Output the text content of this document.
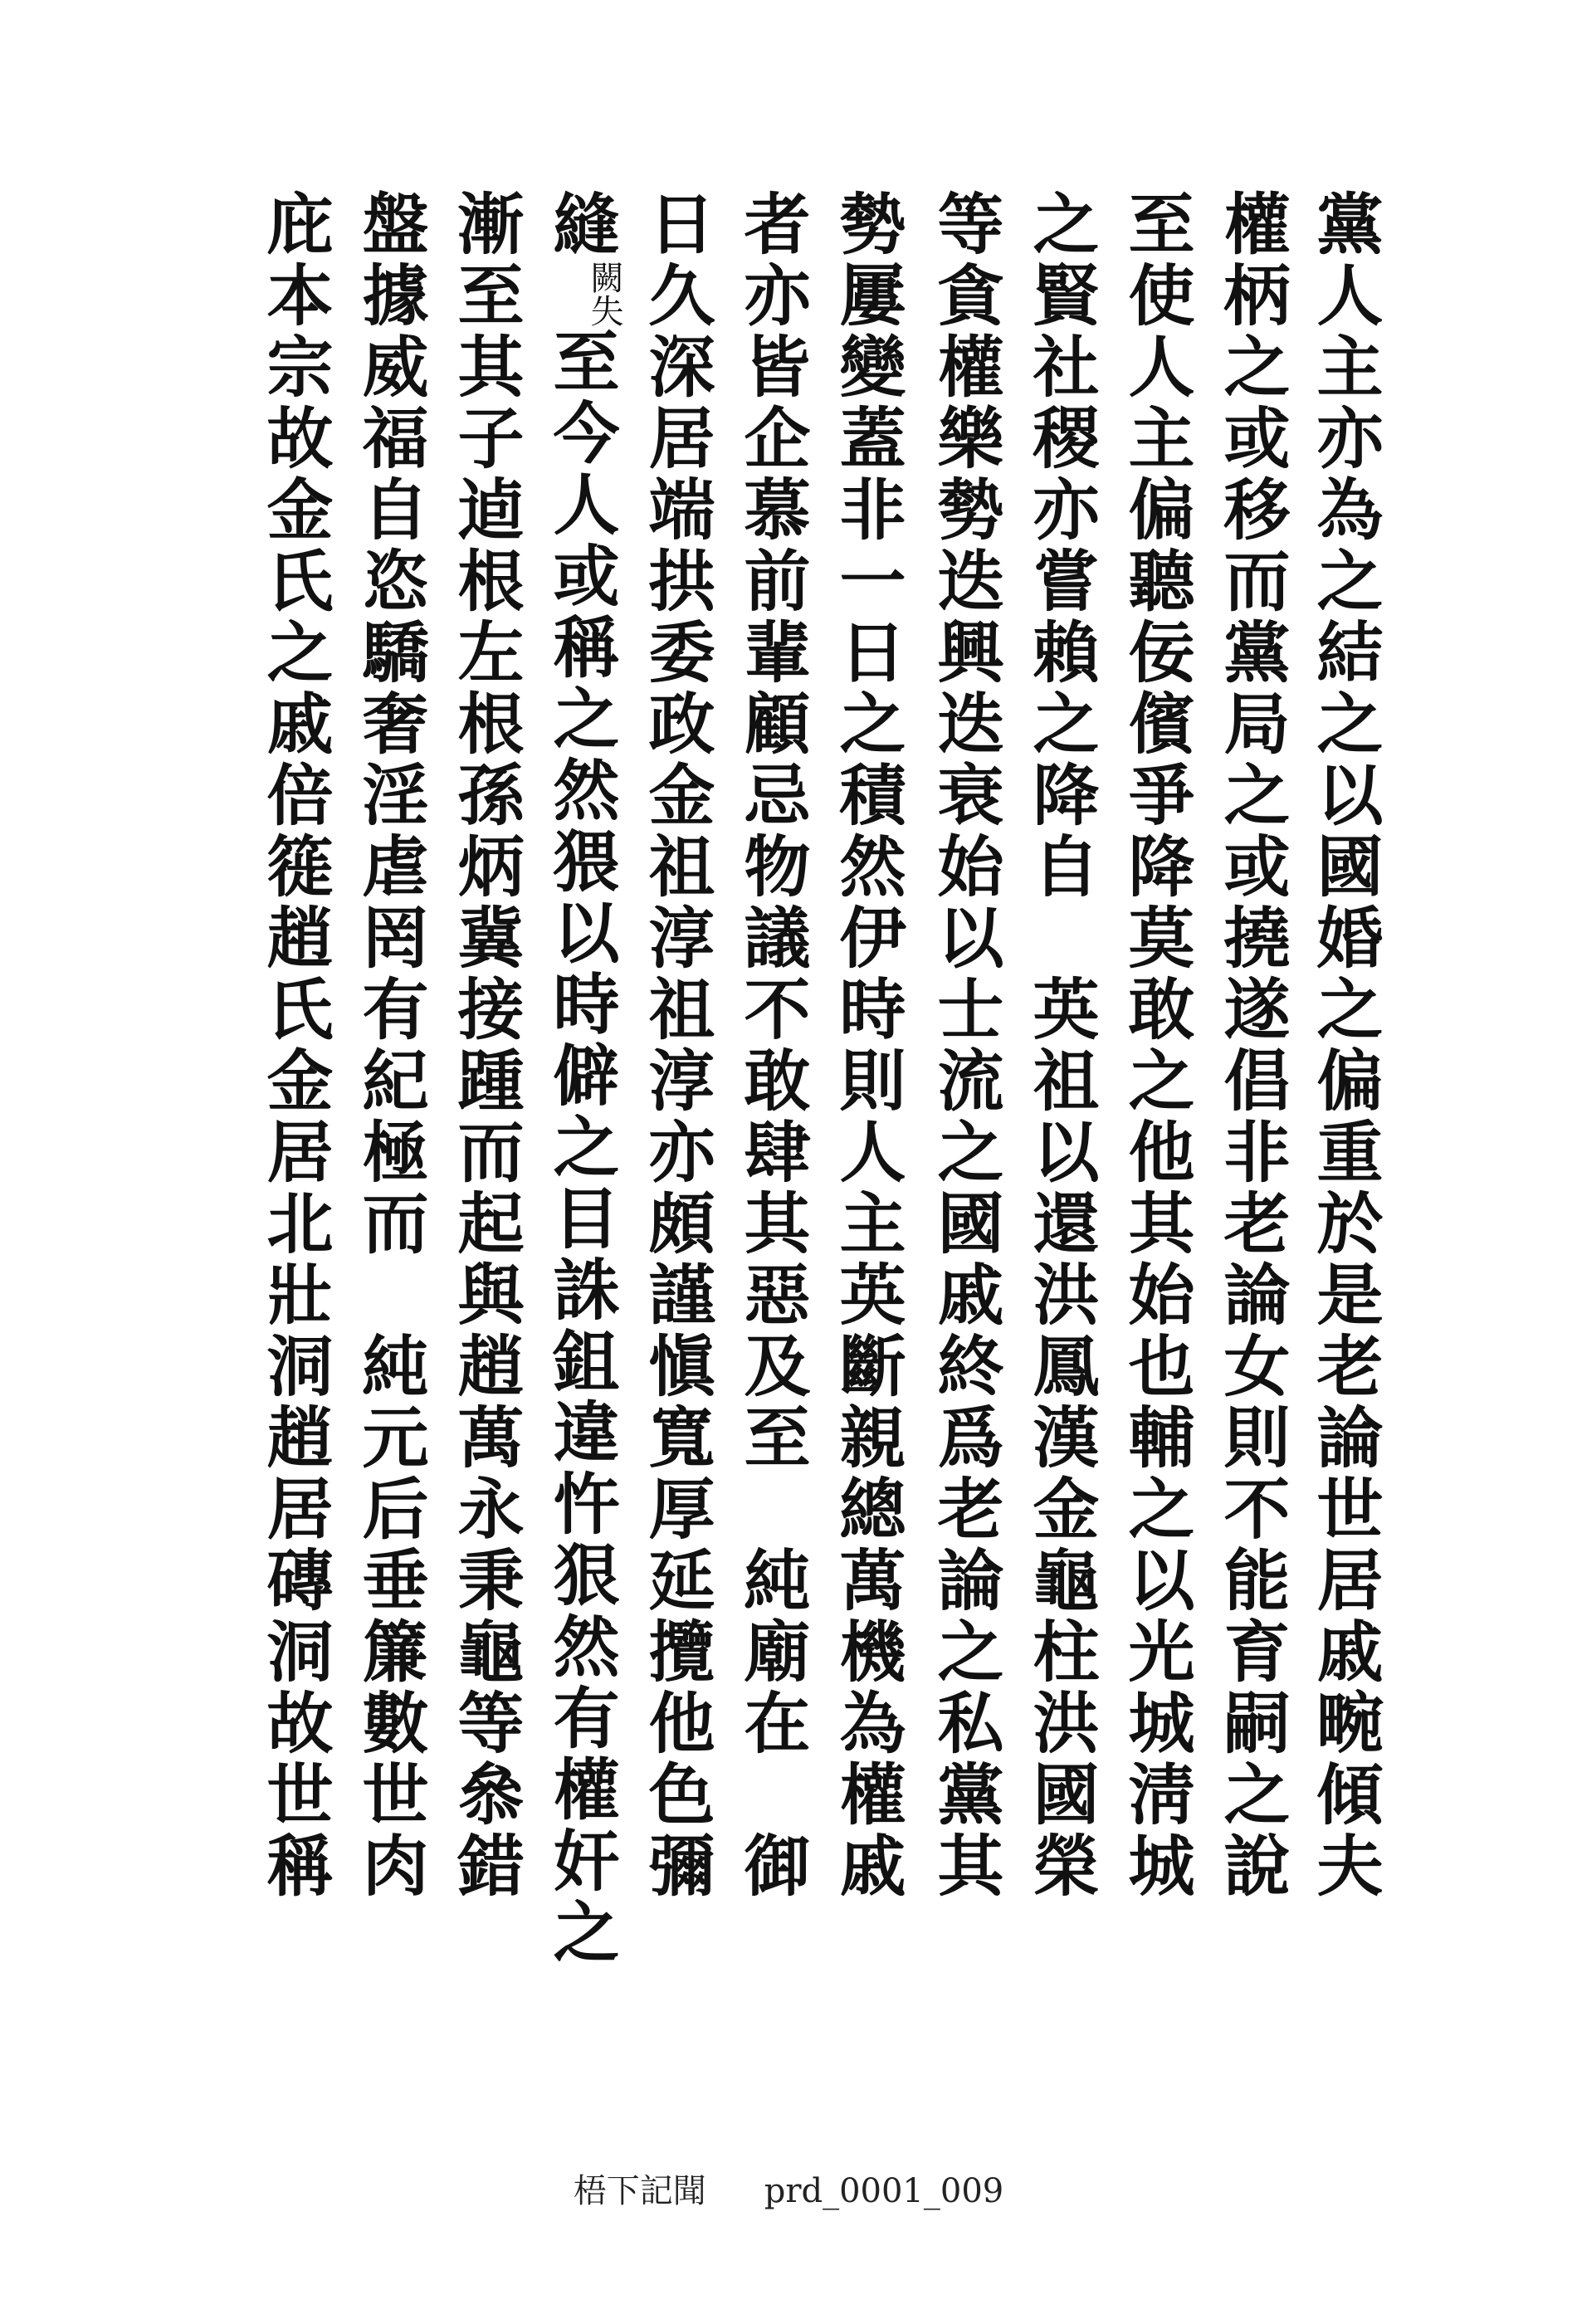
黨人主亦為之結之以國婚之偏重於是老論世居戚畹傾夫
權柄之或移而黨局之或撓遂倡非老論女則不能育嗣之說
至使人主偏聽佞儐爭降莫敢之他其始也輔之以光城淸城
之賢社稷亦嘗賴之降自　英祖以還洪鳳漢金龜柱洪國榮
等貪權樂勢迭興迭衰始以士流之國戚終爲老論之私黨其
勢屢變蓋非一日之積然伊時則人主英斷親總萬機為權戚
者亦皆企慕前輩顧忌物議不敢肆其惡及至　純廟在　御
日久深居端拱委政金祖淳祖淳亦頗謹愼寬厚延攬他色彌
縫闕失至今人或稱之然猥以時僻之目誅鉏違忤狠然有權奸之
漸至其子逌根左根孫炳冀接踵而起與趙萬永秉龜等叅錯
盤據威福自恣驕奢淫虐罔有紀極而　純元后垂簾數世肉
庇本宗故金氏之戚倍簁趙氏金居北壯洞趙居磚洞故世稱
梧下記聞 prd_0001_009
